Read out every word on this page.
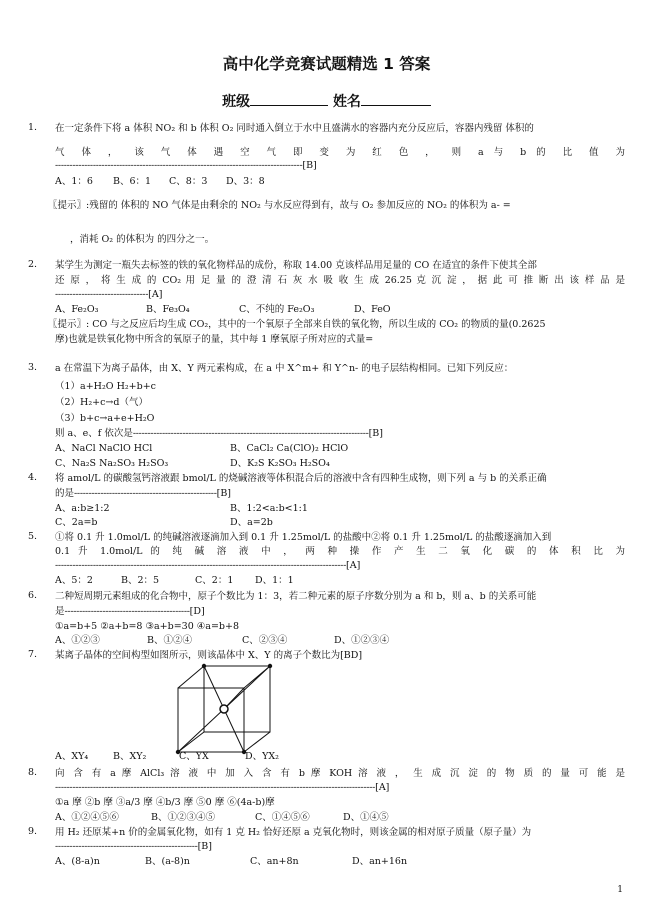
高中化学竞赛试题精选 1 答案
班级	姓名
1. 在一定条件下将 a 体积 NO₂ 和 b 体积 O₂ 同时通入倒立于水中且盛满水的容器内充分反应后，容器内残留 体积的
气 体 ， 该 气 体 遇 空 气 即 变 为 红 色 ， 则 a 与 b 的 比 值 为
-------------------------------------------------------------------------------------[B]
A、1：6 B、6：1 C、8：3 D、3：8
〖提示〗:残留的 体积的 NO 气体是由剩余的 NO₂ 与水反应得到有，故与 O₂ 参加反应的 NO₂ 的体积为 a- =
，消耗 O₂ 的体积为 的四分之一。
2. 某学生为测定一瓶失去标签的铁的氧化物样品的成份，称取 14.00 克该样品用足量的 CO 在适宜的条件下使其全部
还 原 ， 将 生 成 的 CO₂ 用 足 量 的 澄 清 石 灰 水 吸 收 生 成 26.25 克 沉 淀 ， 据 此 可 推 断 出 该 样 品 是
--------------------------------[A]
A、Fe₂O₃	B、Fe₃O₄	C、不纯的 Fe₂O₃	D、FeO
〖提示〗: CO 与之反应后均生成 CO₂，其中的一个氧原子全部来自铁的氧化物，所以生成的 CO₂ 的物质的量(0.2625
摩)也就是铁氧化物中所含的氧原子的量，其中每 1 摩氧原子所对应的式量=
3. a 在常温下为离子晶体，由 X、Y 两元素构成，在 a 中 X^m+ 和 Y^n- 的电子层结构相同。已知下列反应：
（1）a+H₂O H₂+b+c
（2）H₂+c→d（气）
（3）b+c→a+e+H₂O
则 a、e、f 依次是---------------------------------------------------------------------------------[B]
A、NaCl NaClO HCl	B、CaCl₂ Ca(ClO)₂ HClO
C、Na₂S Na₂SO₃ H₂SO₃	D、K₂S K₂SO₃ H₂SO₄
4. 将 amol/L 的碳酸氢钙溶液跟 bmol/L 的烧碱溶液等体积混合后的溶液中含有四种生成物，则下列 a 与 b 的关系正确
的是-------------------------------------------------[B]
A、a:b≥1:2	B、1:2<a:b<1:1
C、2a=b	D、a=2b
5. ①将 0.1 升 1.0mol/L 的纯碱溶液逐滴加入到 0.1 升 1.25mol/L 的盐酸中②将 0.1 升 1.25mol/L 的盐酸逐滴加入到
0.1 升 1.0mol/L 的 纯 碱 溶 液 中 ， 两 种 操 作 产 生 二 氧 化 碳 的 体 积 比 为
----------------------------------------------------------------------------------------------------[A]
A、5：2	B、2：5	C、2：1 D、1：1
6. 二种短周期元素组成的化合物中，原子个数比为 1：3，若二种元素的原子序数分别为 a 和 b，则 a、b 的关系可能
是-------------------------------------------[D]
①a=b+5 ②a+b=8 ③a+b=30 ④a=b+8
A、①②③	B、①②④	C、②③④	D、①②③④
7. 某离子晶体的空间构型如图所示，则该晶体中 X、Y 的离子个数比为[BD]
A、XY₄	B、XY₂	C、YX	D、YX₂
8. 向 含 有 a 摩 AlCl₃ 溶 液 中 加 入 含 有 b 摩 KOH 溶 液 ， 生 成 沉 淀 的 物 质 的 量 可 能 是
--------------------------------------------------------------------------------------------------------------[A]
①a 摩 ②b 摩 ③a/3 摩 ④b/3 摩 ⑤0 摩 ⑥(4a-b)摩
A、①②④⑤⑥	B、①②③④⑤	C、①④⑤⑥	D、①④⑤
9. 用 H₂ 还原某+n 价的金属氧化物，如有 1 克 H₂ 恰好还原 a 克氧化物时，则该金属的相对原子质量（原子量）为
-------------------------------------------------[B]
A、(8-a)n	B、(a-8)n	C、an+8n	D、an+16n
1
